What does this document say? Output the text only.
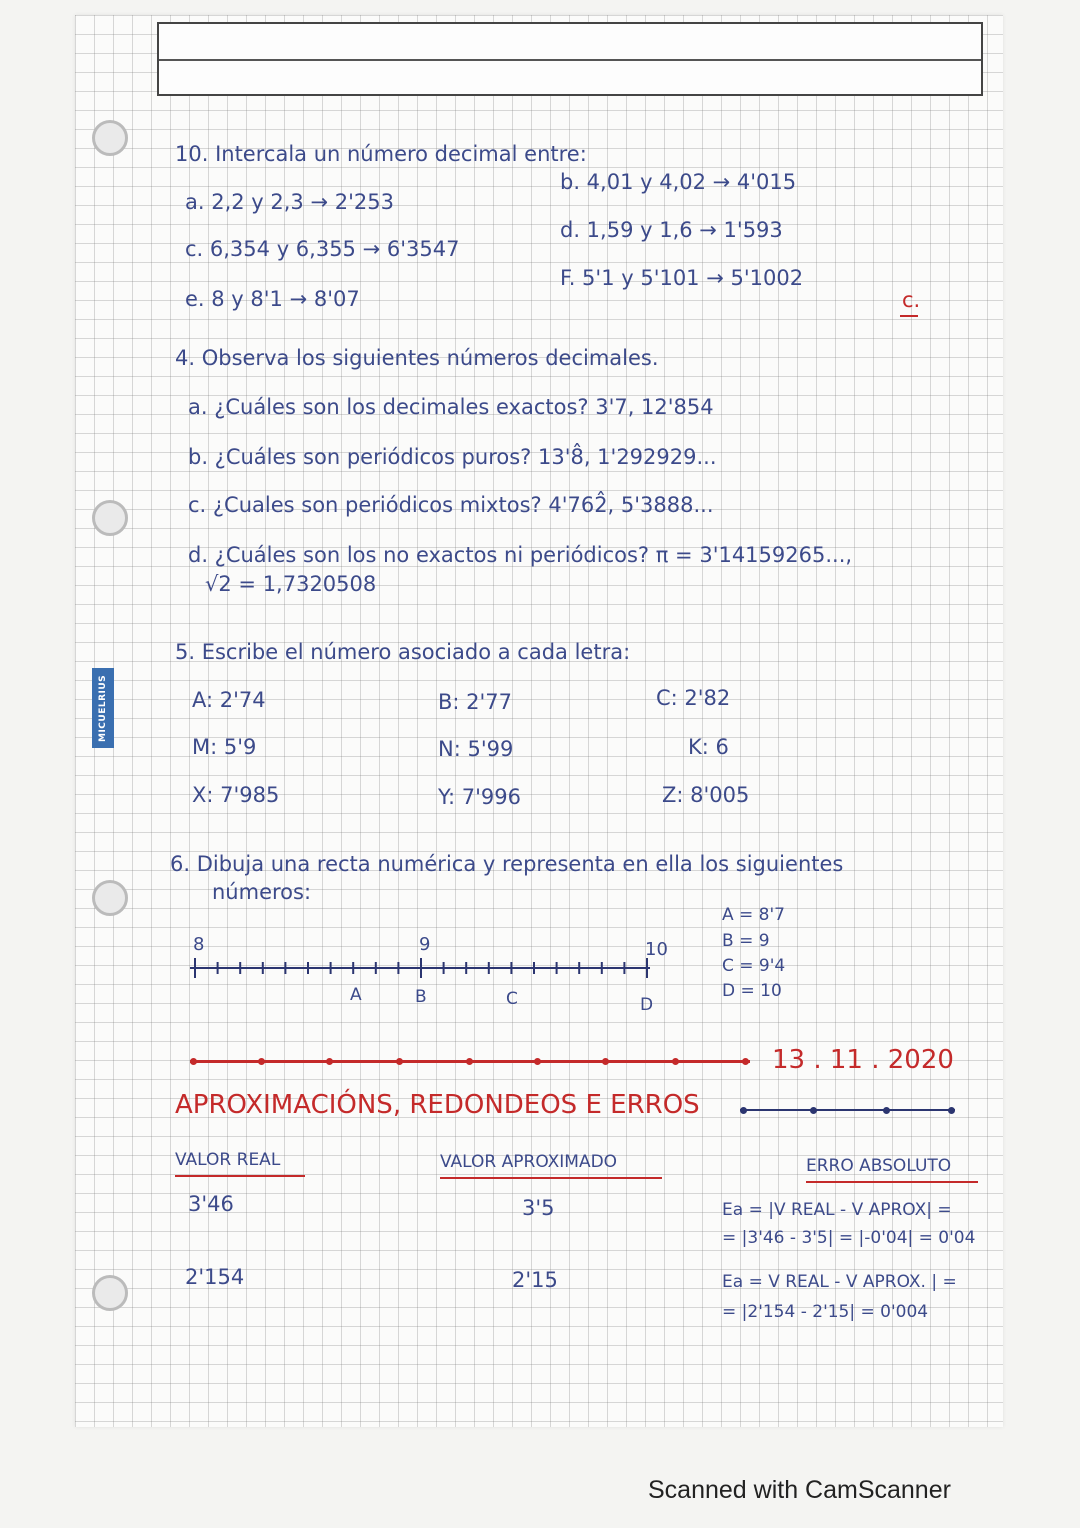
MICUELRIUS
10. Intercala un número decimal entre:
a. 2,2 y 2,3 → 2'253
b. 4,01 y 4,02 → 4'015
c. 6,354 y 6,355 → 6'3547
d. 1,59 y 1,6 → 1'593
e. 8 y 8'1 → 8'07
F. 5'1 y 5'101 → 5'1002
c.
4. Observa los siguientes números decimales.
a. ¿Cuáles son los decimales exactos? 3'7, 12'854
b. ¿Cuáles son periódicos puros? 13'8̂, 1'292929...
c. ¿Cuales son periódicos mixtos? 4'762̂, 5'3888...
d. ¿Cuáles son los no exactos ni periódicos? π = 3'14159265...,
√2 = 1,7320508
5. Escribe el número asociado a cada letra:
A: 2'74	B: 2'77	C: 2'82
M: 5'9	N: 5'99	K: 6
X: 7'985	Y: 7'996	Z: 8'005
6. Dibuja una recta numérica y representa en ella los siguientes
números:
8	9	10
A	B	C	D
A = 8'7
B = 9
C = 9'4
D = 10
13 . 11 . 2020
APROXIMACIÓNS, REDONDEOS E ERROS
VALOR REAL	VALOR APROXIMADO	ERRO ABSOLUTO
3'46	3'5	Ea = |V REAL - V APROX| =
= |3'46 - 3'5| = |-0'04| = 0'04
2'154	2'15	Ea = V REAL - V APROX. | =
= |2'154 - 2'15| = 0'004
Scanned with CamScanner
